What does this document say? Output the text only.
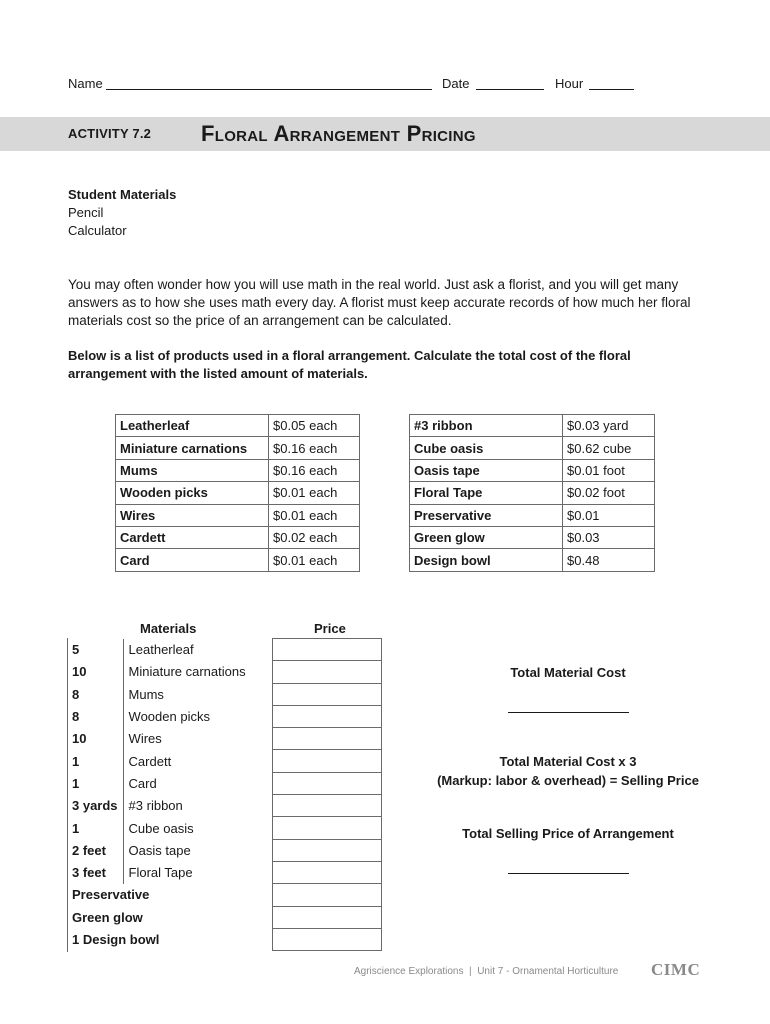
Name	Date	Hour
ACTIVITY 7.2 Floral Arrangement Pricing
Student Materials
Pencil
Calculator
You may often wonder how you will use math in the real world. Just ask a florist, and you will get many answers as to how she uses math every day. A florist must keep accurate records of how much her floral materials cost so the price of an arrangement can be calculated.
Below is a list of products used in a floral arrangement. Calculate the total cost of the floral arrangement with the listed amount of materials.
Leatherleaf	$0.05 each
Miniature carnations	$0.16 each
Mums	$0.16 each
Wooden picks	$0.01 each
Wires	$0.01 each
Cardett	$0.02 each
Card	$0.01 each
#3 ribbon	$0.03 yard
Cube oasis	$0.62 cube
Oasis tape	$0.01 foot
Floral Tape	$0.02 foot
Preservative	$0.01
Green glow	$0.03
Design bowl	$0.48
Materials	Price
5	Leatherleaf	
10	Miniature carnations	
8	Mums	
8	Wooden picks	
10	Wires	
1	Cardett	
1	Card	
3 yards	#3 ribbon	
1	Cube oasis	
2 feet	Oasis tape	
3 feet	Floral Tape	
Preservative		
Green glow		
1 Design bowl		
Total Material Cost
Total Material Cost x 3
(Markup: labor & overhead) = Selling Price
Total Selling Price of Arrangement
Agriscience Explorations  |  Unit 7 - Ornamental Horticulture CIMC
